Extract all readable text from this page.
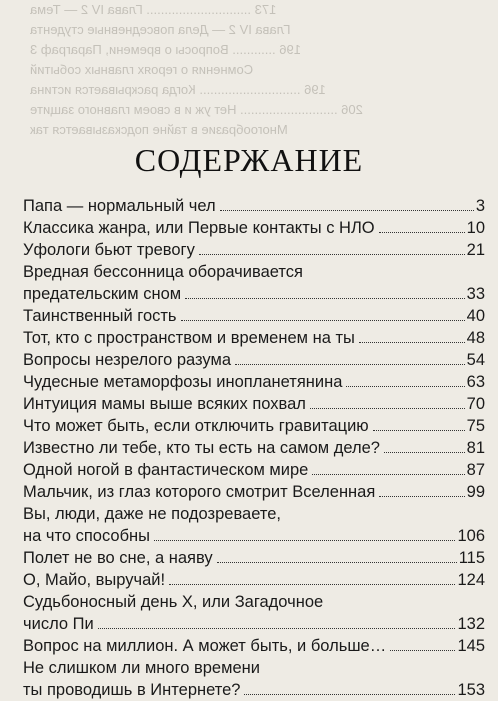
173 ............................. Глава IV 2 — Тема
Глава IV 2 — Дела повседневные студента
196 ............ Вопросы о времени, Параграф 3
Сомнения о героях главных событий
196 ............................ Когда раскрывается истина
206 ........................... Нет уж и в своем главного защите
Многообразие в тайне подсказывается так
СОДЕРЖАНИЕ
Папа — нормальный чел	3
Классика жанра, или Первые контакты с НЛО	10
Уфологи бьют тревогу	21
Вредная бессонница оборачивается
предательским сном	33
Таинственный гость	40
Тот, кто с пространством и временем на ты	48
Вопросы незрелого разума	54
Чудесные метаморфозы инопланетянина	63
Интуиция мамы выше всяких похвал	70
Что может быть, если отключить гравитацию	75
Известно ли тебе, кто ты есть на самом деле?	81
Одной ногой в фантастическом мире	87
Мальчик, из глаз которого смотрит Вселенная	99
Вы, люди, даже не подозреваете,
на что способны	106
Полет не во сне, а наяву	115
О, Майо, выручай!	124
Судьбоносный день Х, или Загадочное
число Пи	132
Вопрос на миллион. А может быть, и больше…	145
Не слишком ли много времени
ты проводишь в Интернете?	153
